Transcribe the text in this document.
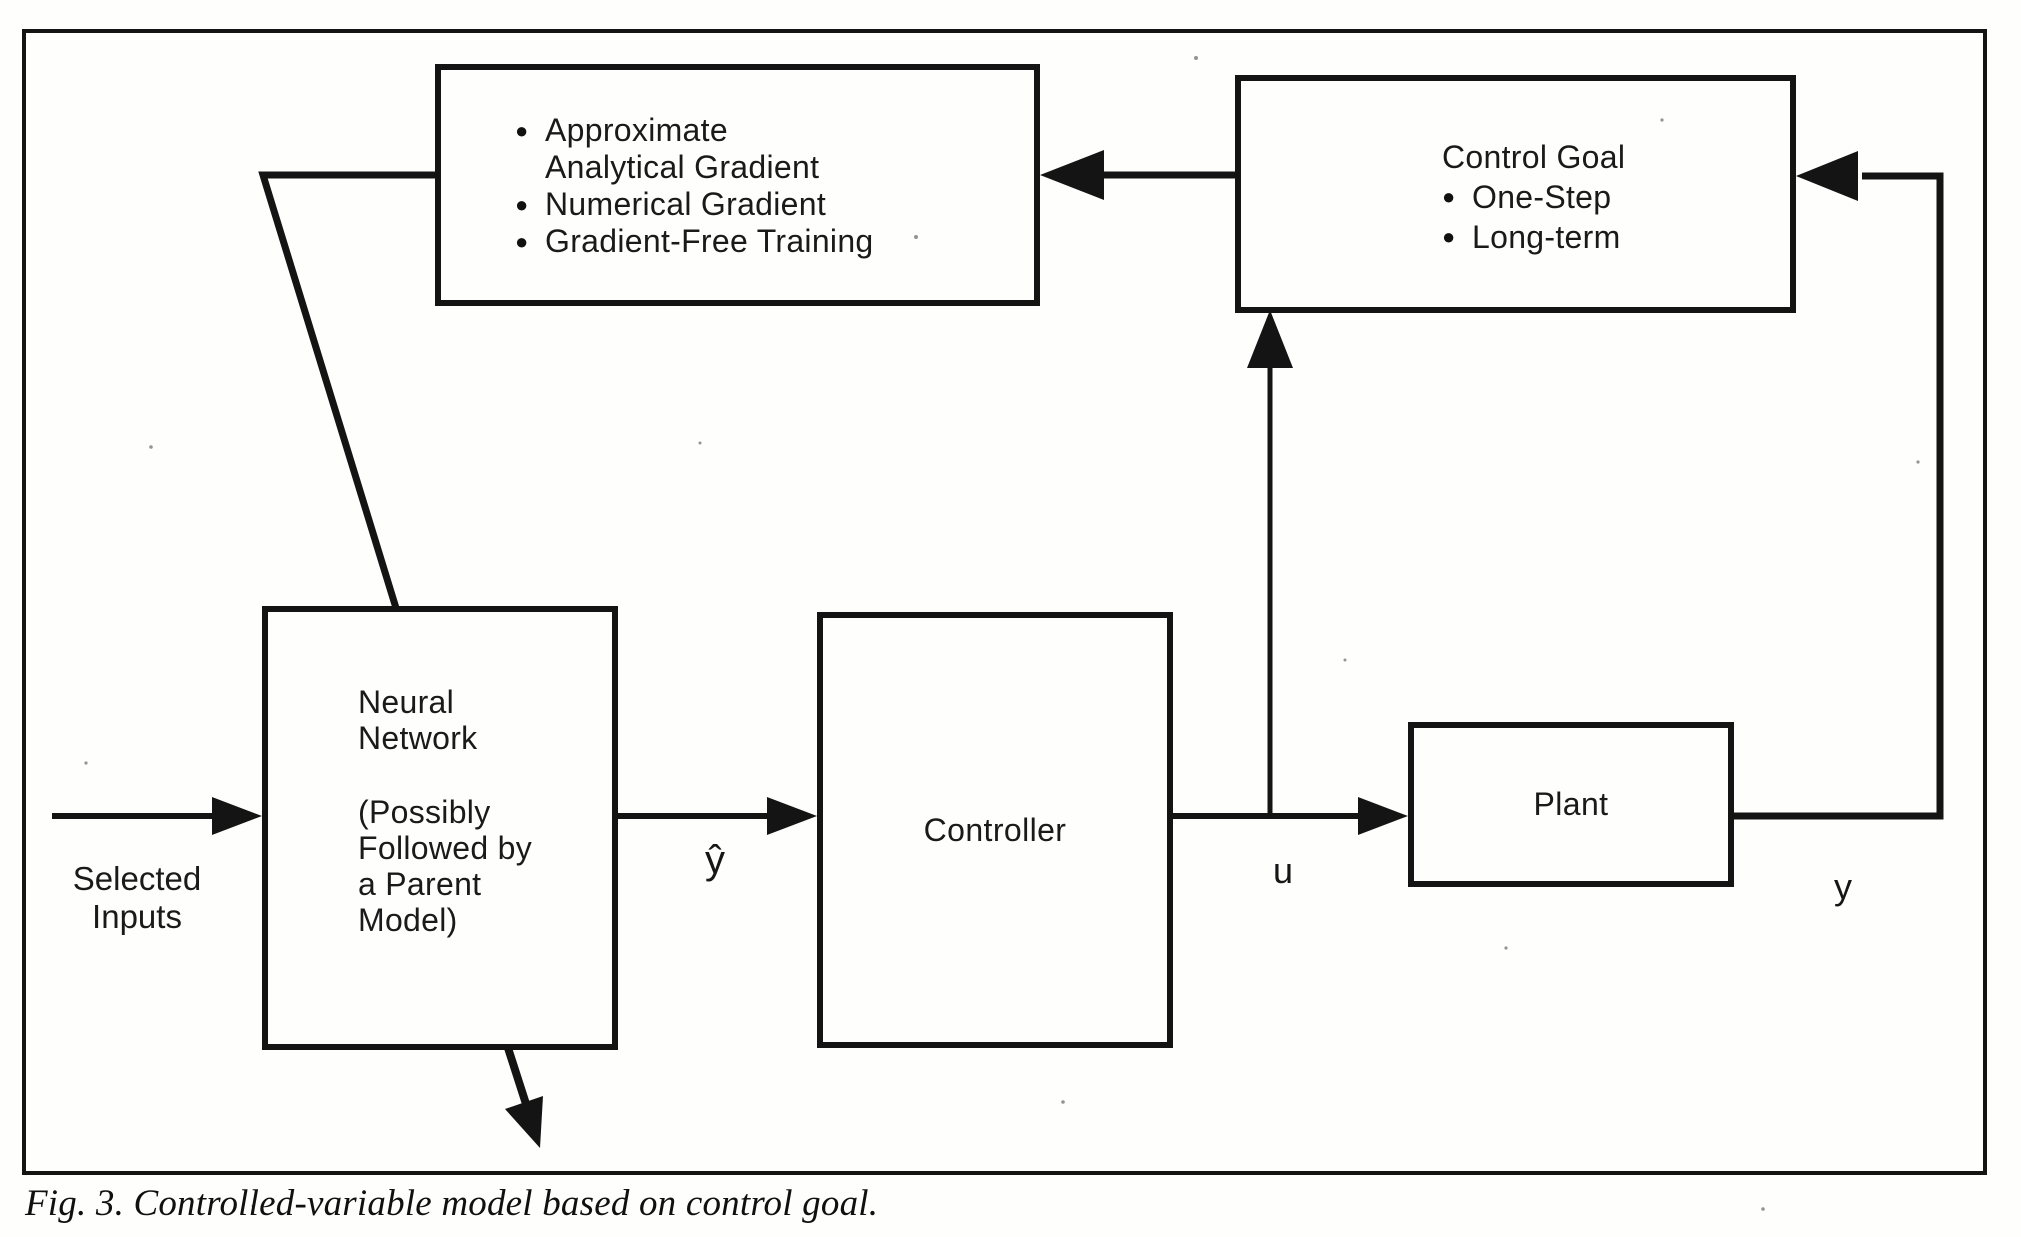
● Approximate
Analytical Gradient
● Numerical Gradient
● Gradient-Free Training
Control Goal
● One-Step
● Long-term
Neural
Network
(Possibly
Followed by
a Parent
Model)
Controller
Plant
Selected
Inputs
ŷ	u	y
Fig. 3. Controlled-variable model based on control goal.
